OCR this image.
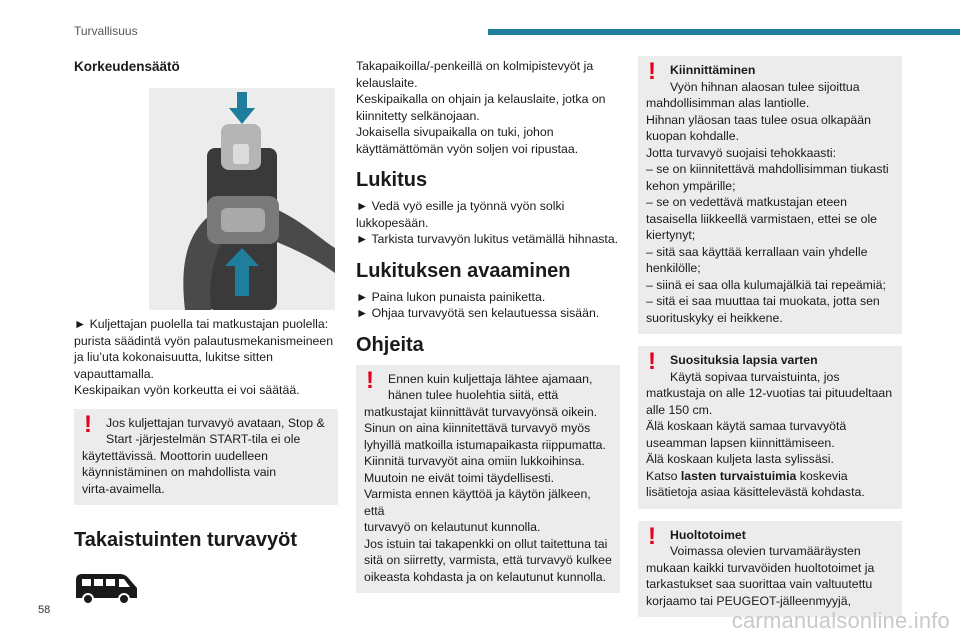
Turvallisuus
Korkeudensäätö

► Kuljettajan puolella tai matkustajan puolella: purista säädintä vyön palautusmekanismeineen ja liu’uta kokonaisuutta, lukitse sitten vapauttamalla.

Keskipaikan vyön korkeutta ei voi säätää.

!	Jos kuljettajan turvavyö avataan, Stop &
Start -järjestelmän START-tila ei ole
käytettävissä. Moottorin uudelleen
käynnistäminen on mahdollista vain
virta-avaimella.
Takaistuinten turvavyöt

Takapaikoilla/-penkeillä on kolmipistevyöt ja kelauslaite.

Keskipaikalla on ohjain ja kelauslaite, jotka on kiinnitetty selkänojaan.

Jokaisella sivupaikalla on tuki, johon käyttämättömän vyön soljen voi ripustaa.

Lukitus

► Vedä vyö esille ja työnnä vyön solki lukkopesään.

► Tarkista turvavyön lukitus vetämällä hihnasta.

Lukituksen avaaminen

► Paina lukon punaista painiketta.

► Ohjaa turvavyötä sen kelautuessa sisään.

Ohjeita
!	Ennen kuin kuljettaja lähtee ajamaan,
hänen tulee huolehtia siitä, että
matkustajat kiinnittävät turvavyönsä oikein.
Sinun on aina kiinnitettävä turvavyö myös
lyhyillä matkoilla istumapaikasta riippumatta.
Kiinnitä turvavyöt aina omiin lukkoihinsa.
Muutoin ne eivät toimi täydellisesti.
Varmista ennen käyttöä ja käytön jälkeen, että
turvavyö on kelautunut kunnolla.
Jos istuin tai takapenkki on ollut taitettuna tai
sitä on siirretty, varmista, että turvavyö kulkee
oikeasta kohdasta ja on kelautunut kunnolla.
!	Kiinnittäminen
Vyön hihnan alaosan tulee sijoittua
mahdollisimman alas lantiolle.
Hihnan yläosan taas tulee osua olkapään
kuopan kohdalle.
Jotta turvavyö suojaisi tehokkaasti:
– se on kiinnitettävä mahdollisimman tiukasti
kehon ympärille;
– se on vedettävä matkustajan eteen
tasaisella liikkeellä varmistaen, ettei se ole
kiertynyt;
– sitä saa käyttää kerrallaan vain yhdelle
henkilölle;
– siinä ei saa olla kulumajälkiä tai repeämiä;
– sitä ei saa muuttaa tai muokata, jotta sen
suorituskyky ei heikkene.
!	Suosituksia lapsia varten
Käytä sopivaa turvaistuinta, jos
matkustaja on alle 12-vuotias tai pituudeltaan
alle 150 cm.
Älä koskaan käytä samaa turvavyötä
useamman lapsen kiinnittämiseen.
Älä koskaan kuljeta lasta sylissäsi.
Katso lasten turvaistuimia koskevia
lisätietoja asiaa käsittelevästä kohdasta.
!	Huoltotoimet
Voimassa olevien turvamääräysten
mukaan kaikki turvavöiden huoltotoimet ja
tarkastukset saa suorittaa vain valtuutettu
korjaamo tai PEUGEOT-jälleenmyyjä,
58	carmanualsonline.info
